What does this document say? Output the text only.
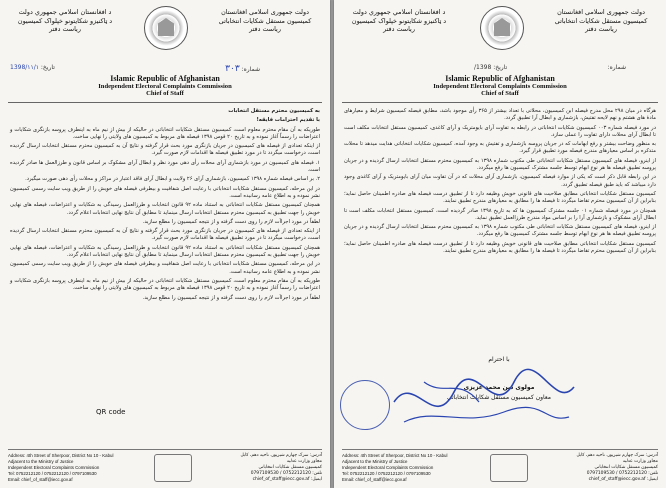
دولت جمهوری اسلامی افغانستان
کمیسیون مستقل شکایات انتخاباتی
ریاست دفتر
د افغانستان اسلامي جمهوري دولت
د ټاکنيزو شکايتونو خپلواک کميسيون
رياست دفتر
شماره: ۳۰۳
تاریخ: 1398/۱۱/۱
Islamic Republic of Afghanistan
Independent Electoral Complaints Commission
Chief of Staff

به کمیسیون محترم مستقل انتخابات

با تقدیم احترامات فایقه!

طوریکه به آن مقام محترم معلوم است، کمیسیون مستقل شکایات انتخاباتی در حالیکه از بیش از نیم ماه به اینطرف پروسه بازنگری شکایات و اعتراضات را رسماً آغاز نموده و به تاریخ ۲۰ قوس ۱۳۹۸ فیصله های مربوط به کمیسیون های ولایتی را نهایی ساخت.

از اینکه تعدادی از فیصله های کمیسیون در جریان بازنگری مورد بحث قرار گرفته و نتایج آن به کمیسیون محترم مستقل انتخابات ارسال گردیده است، درخواست میگردد تا در مورد تطبیق فیصله ها اقدامات لازم صورت گیرد.

۱. فیصله های کمیسیون در مورد بازشماری آرای محلات رأی دهی مورد نظر و ابطال آرای مشکوک بر اساس قانون و طرزالعمل ها صادر گردیده است.

۲. بر اساس فیصله شماره ۱۳۹۸ کمیسیون، بازشماری آرای ۲۶ ولایت و ابطال آرای فاقد اعتبار در مراکز و محلات رأی دهی صورت میگیرد.

در این مرحله، کمیسیون مستقل شکایات انتخاباتی با رعایت اصل شفافیت و بیطرفی فیصله های خویش را از طریق ویب سایت رسمی کمیسیون نشر نموده و به اطلاع عامه رسانیده است.

همچنان کمیسیون مستقل شکایات انتخاباتی به استناد ماده ۹۲ قانون انتخابات و طرزالعمل رسیدگی به شکایات و اعتراضات، فیصله های نهایی خویش را جهت تطبیق به کمیسیون محترم مستقل انتخابات ارسال مینماید تا مطابق آن نتایج نهایی انتخابات اعلام گردد.

لطفاً در مورد اجراآت لازم را روی دست گرفته و از نتیجه کمیسیون را مطلع سازید.

از اینکه تعدادی از فیصله های کمیسیون در جریان بازنگری مورد بحث قرار گرفته و نتایج آن به کمیسیون محترم مستقل انتخابات ارسال گردیده است، درخواست میگردد تا در مورد تطبیق فیصله ها اقدامات لازم صورت گیرد.

همچنان کمیسیون مستقل شکایات انتخاباتی به استناد ماده ۹۲ قانون انتخابات و طرزالعمل رسیدگی به شکایات و اعتراضات، فیصله های نهایی خویش را جهت تطبیق به کمیسیون محترم مستقل انتخابات ارسال مینماید تا مطابق آن نتایج نهایی انتخابات اعلام گردد.

در این مرحله، کمیسیون مستقل شکایات انتخاباتی با رعایت اصل شفافیت و بیطرفی فیصله های خویش را از طریق ویب سایت رسمی کمیسیون نشر نموده و به اطلاع عامه رسانیده است.

طوریکه به آن مقام محترم معلوم است، کمیسیون مستقل شکایات انتخاباتی در حالیکه از بیش از نیم ماه به اینطرف پروسه بازنگری شکایات و اعتراضات را رسماً آغاز نموده و به تاریخ ۲۰ قوس ۱۳۹۸ فیصله های مربوط به کمیسیون های ولایتی را نهایی ساخت.

لطفاً در مورد اجراآت لازم را روی دست گرفته و از نتیجه کمیسیون را مطلع سازید.

QR code
Address: 4th Street of Sherpoor, District No 10 - Kabul
Adjacent to the Ministry of Justice
Independent Electoral Complaints Commission
Tel: 0752212120 / 0752212120 / 0797109530
Email: chief_of_staff@iecc.gov.af
آدرس: سرک چهارم شیرپور، ناحیه دهم، کابل
مجاور وزارت عدلیه
کمیسیون مستقل شکایات انتخاباتی
تلفن: 0752212120 / 0797109530
ایمیل: chief_of_staff@iecc.gov.af
دولت جمهوری اسلامی افغانستان
کمیسیون مستقل شکایات انتخاباتی
ریاست دفتر
د افغانستان اسلامي جمهوري دولت
د ټاکنيزو شکايتونو خپلواک کميسيون
رياست دفتر
شماره:
تاریخ: 1398/
Islamic Republic of Afghanistan
Independent Electoral Complaints Commission
Chief of Staff

هرگاه در میان ۲۹۸ محل مدرج فیصله ابن کمیسیون، محلاتی با تعداد بیشتر از ۳۶۵ رأی موجود باشد، مطابق فیصله کمیسیون شرایط و معیارهای مادهٔ های هشتم و نهم لایحه تفتیش، بازشماری و ابطال آرا تطبیق گردد.

در مورد فیصله شماره ۰۰۳ کمیسیون شکایات انتخاباتی در رابطه به تفاوت آرای بایومتریک و آرای کاغذی، کمیسیون مستقل انتخابات مکلف است تا ابطال آرای محلات دارای تفاوت را عملی سازد.

به منظور وضاحت بیشتر و رفع ابهامات که در جریان پروسه بازشماری و تفتیش به وجود آمده، کمیسیون شکایات انتخاباتی هدایت میدهد تا محلات متذکره بر اساس معیارهای مندرج فیصله مورد تطبیق قرار گیرد.

از اینرو، فیصله های کمیسیون مستقل شکایات انتخاباتی طی مکتوب شماره ۱۳۹۸ به کمیسیون محترم مستقل انتخابات ارسال گردیده و در جریان پروسه تطبیق فیصله ها هر نوع ابهام توسط جلسه مشترک کمیسیون ها رفع میگردد.

در این رابطه قابل ذکر است که یکی از موارد فیصله کمیسیون، بازشماری آرای محلات که در آن تفاوت میان آرای بایومتریک و آرای کاغذی وجود دارد میباشد که باید طبق فیصله تطبیق گردد.

کمیسیون مستقل شکایات انتخاباتی مطابق صلاحیت های قانونی خویش وظیفه دارد تا از تطبیق درست فیصله های صادره اطمینان حاصل نماید؛ بنابراین از آن کمیسیون محترم تقاضا میگردد تا فیصله ها را مطابق به معیارهای مندرج تطبیق نمایند.

همچنان در مورد فیصله شماره ۰۱ جلسه مشترک کمیسیون ها که به تاریخ ۱۳۹۸ صادر گردیده است، کمیسیون مستقل انتخابات مکلف است تا ابطال آرای مشکوک و بازشماری آرا را بر اساس مواد مندرج طرزالعمل تطبیق نماید.

از اینرو، فیصله های کمیسیون مستقل شکایات انتخاباتی طی مکتوب شماره ۱۳۹۸ به کمیسیون محترم مستقل انتخابات ارسال گردیده و در جریان پروسه تطبیق فیصله ها هر نوع ابهام توسط جلسه مشترک کمیسیون ها رفع میگردد.

کمیسیون مستقل شکایات انتخاباتی مطابق صلاحیت های قانونی خویش وظیفه دارد تا از تطبیق درست فیصله های صادره اطمینان حاصل نماید؛ بنابراین از آن کمیسیون محترم تقاضا میگردد تا فیصله ها را مطابق به معیارهای مندرج تطبیق نمایند.

با احترام
مولوی دین محمد عزیزی
معاون کمیسیون مستقل شکایات انتخاباتی
Address: 4th Street of Sherpoor, District No 10 - Kabul
Adjacent to the Ministry of Justice
Independent Electoral Complaints Commission
Tel: 0752212120 / 0752212120 / 0797109530
Email: chief_of_staff@iecc.gov.af
آدرس: سرک چهارم شیرپور، ناحیه دهم، کابل
مجاور وزارت عدلیه
کمیسیون مستقل شکایات انتخاباتی
تلفن: 0752212120 / 0797109530
ایمیل: chief_of_staff@iecc.gov.af
